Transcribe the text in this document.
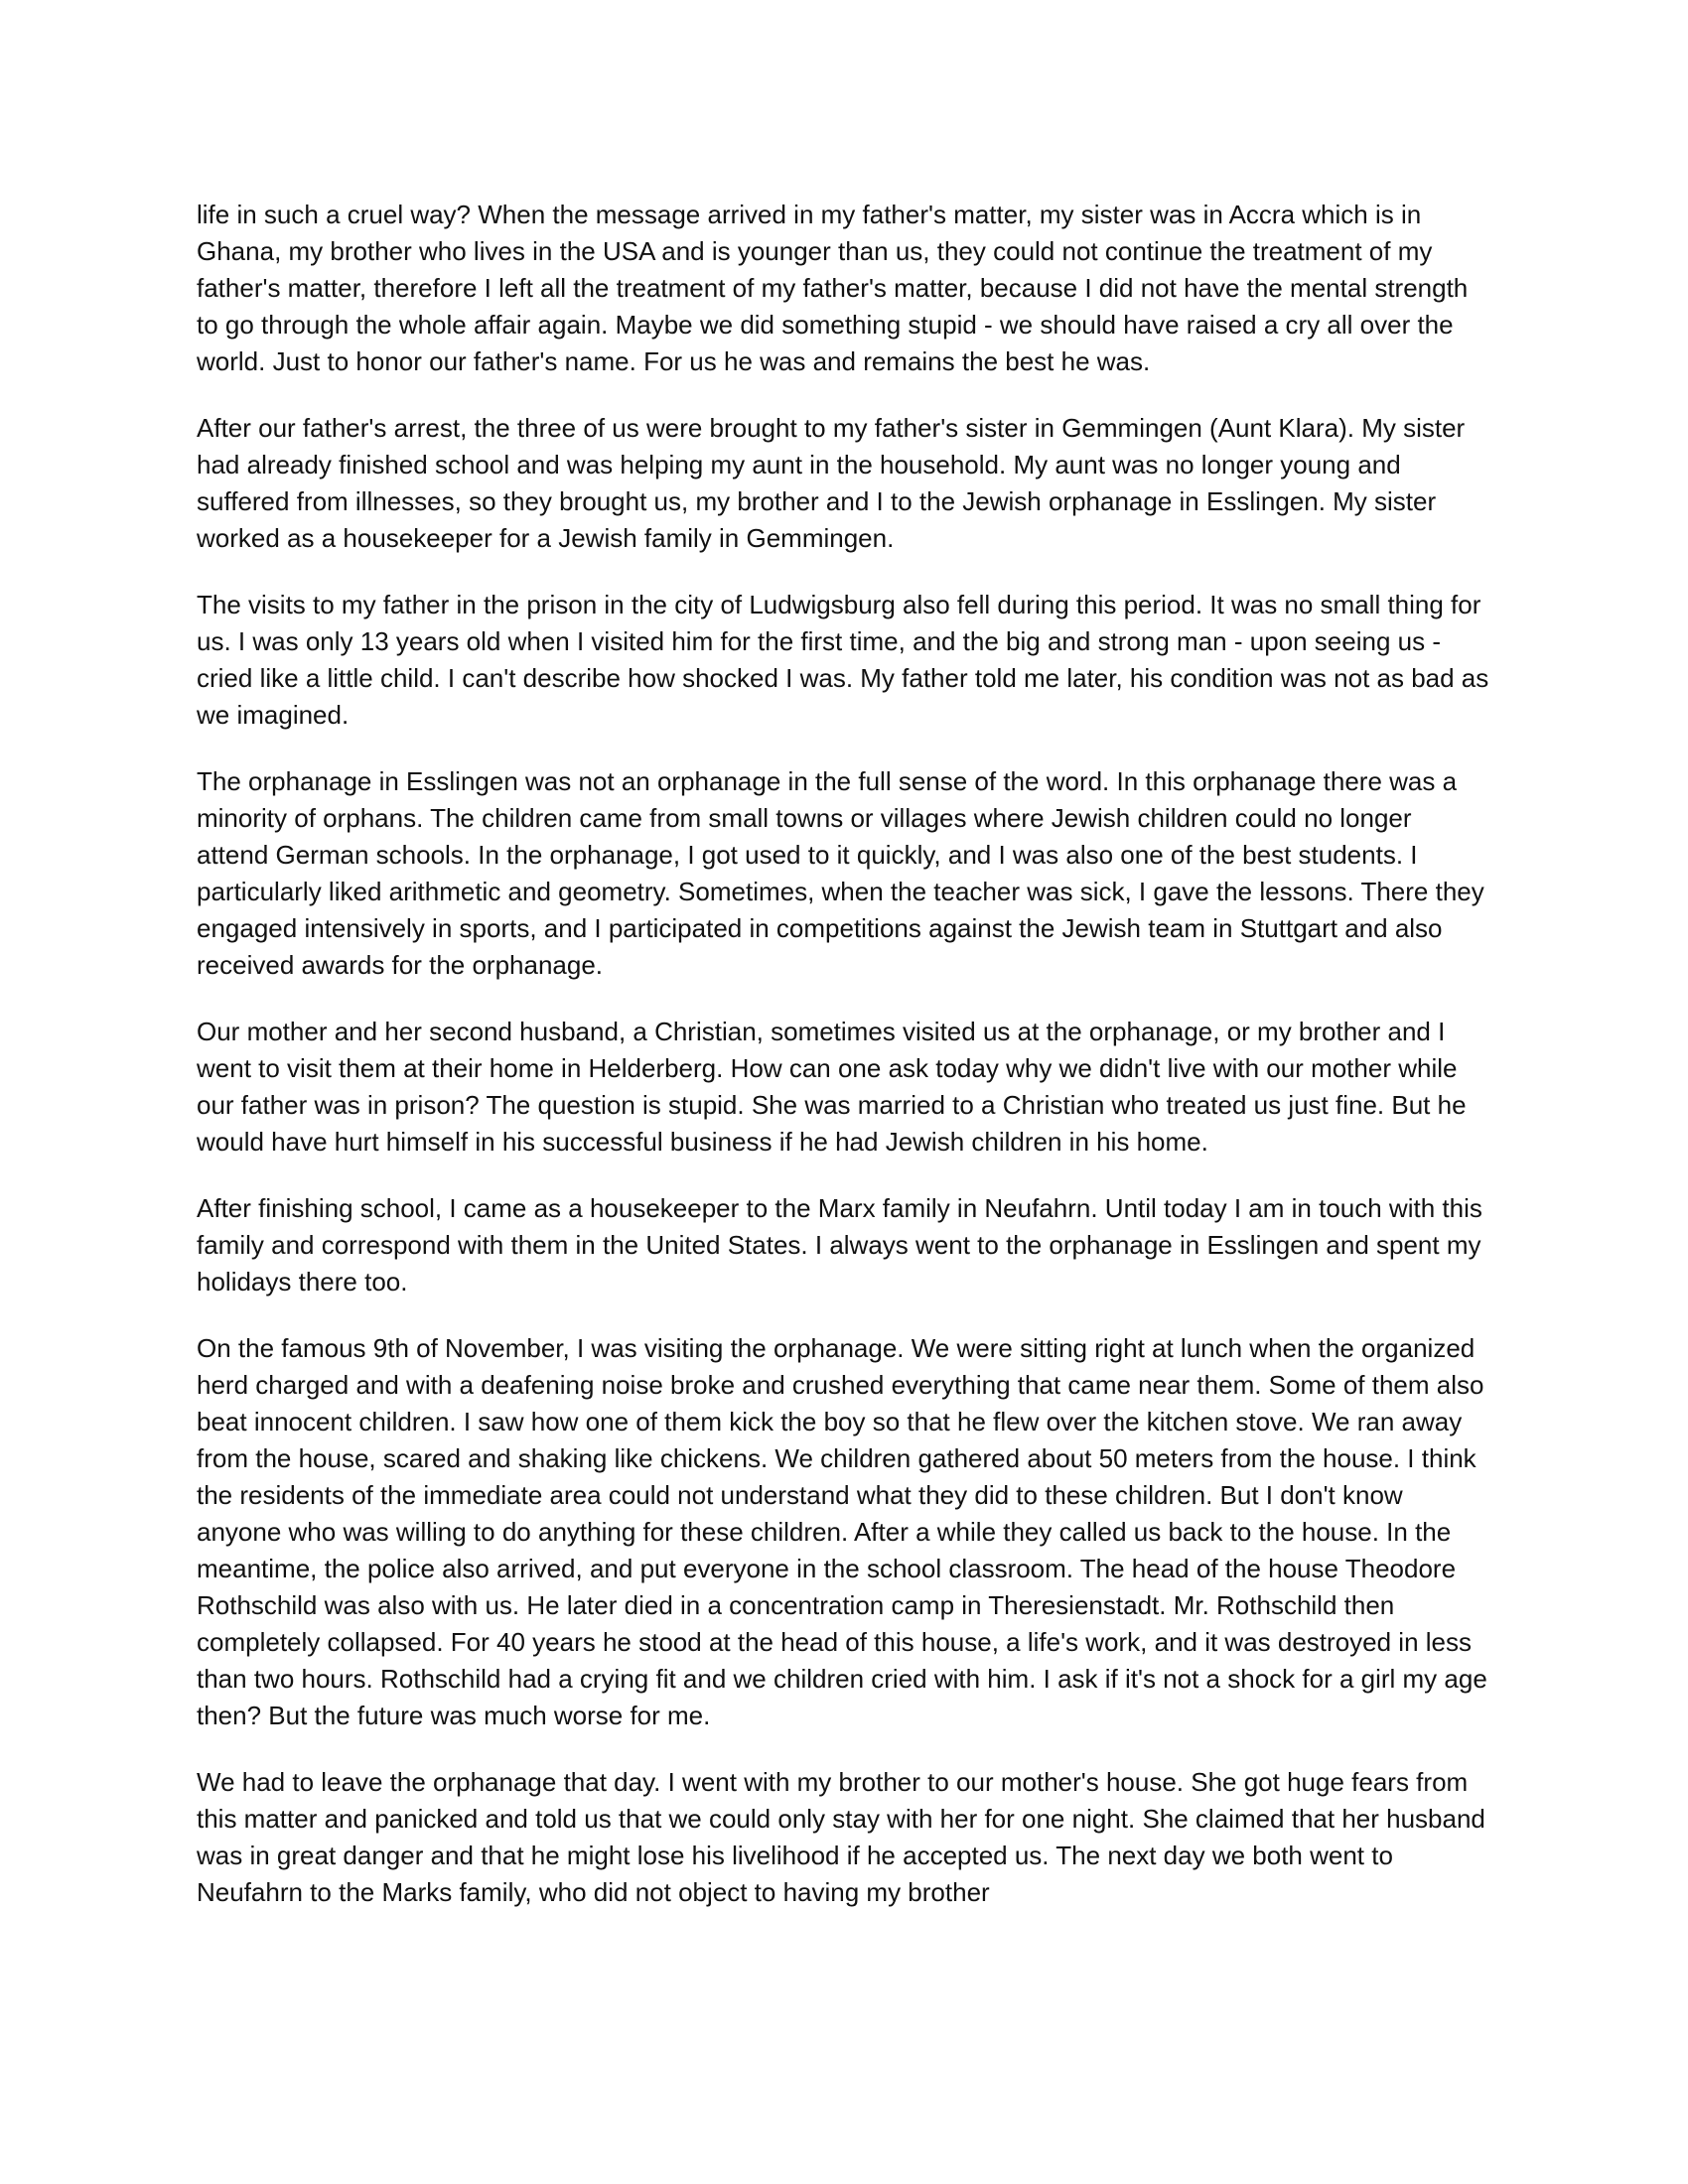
life in such a cruel way? When the message arrived in my father's matter, my sister was in Accra which is in Ghana, my brother who lives in the USA and is younger than us, they could not continue the treatment of my father's matter, therefore I left all the treatment of my father's matter, because I did not have the mental strength to go through the whole affair again. Maybe we did something stupid - we should have raised a cry all over the world. Just to honor our father's name. For us he was and remains the best he was.

After our father's arrest, the three of us were brought to my father's sister in Gemmingen (Aunt Klara). My sister had already finished school and was helping my aunt in the household. My aunt was no longer young and suffered from illnesses, so they brought us, my brother and I to the Jewish orphanage in Esslingen. My sister worked as a housekeeper for a Jewish family in Gemmingen.

The visits to my father in the prison in the city of Ludwigsburg also fell during this period. It was no small thing for us. I was only 13 years old when I visited him for the first time, and the big and strong man - upon seeing us - cried like a little child. I can't describe how shocked I was. My father told me later, his condition was not as bad as we imagined.

The orphanage in Esslingen was not an orphanage in the full sense of the word. In this orphanage there was a minority of orphans. The children came from small towns or villages where Jewish children could no longer attend German schools. In the orphanage, I got used to it quickly, and I was also one of the best students. I particularly liked arithmetic and geometry. Sometimes, when the teacher was sick, I gave the lessons. There they engaged intensively in sports, and I participated in competitions against the Jewish team in Stuttgart and also received awards for the orphanage.

Our mother and her second husband, a Christian, sometimes visited us at the orphanage, or my brother and I went to visit them at their home in Helderberg. How can one ask today why we didn't live with our mother while our father was in prison? The question is stupid. She was married to a Christian who treated us just fine. But he would have hurt himself in his successful business if he had Jewish children in his home.

After finishing school, I came as a housekeeper to the Marx family in Neufahrn. Until today I am in touch with this family and correspond with them in the United States. I always went to the orphanage in Esslingen and spent my holidays there too.

On the famous 9th of November, I was visiting the orphanage. We were sitting right at lunch when the organized herd charged and with a deafening noise broke and crushed everything that came near them. Some of them also beat innocent children. I saw how one of them kick the boy so that he flew over the kitchen stove. We ran away from the house, scared and shaking like chickens. We children gathered about 50 meters from the house. I think the residents of the immediate area could not understand what they did to these children. But I don't know anyone who was willing to do anything for these children. After a while they called us back to the house. In the meantime, the police also arrived, and put everyone in the school classroom. The head of the house Theodore Rothschild was also with us. He later died in a concentration camp in Theresienstadt. Mr. Rothschild then completely collapsed. For 40 years he stood at the head of this house, a life's work, and it was destroyed in less than two hours. Rothschild had a crying fit and we children cried with him. I ask if it's not a shock for a girl my age then? But the future was much worse for me.

We had to leave the orphanage that day. I went with my brother to our mother's house. She got huge fears from this matter and panicked and told us that we could only stay with her for one night. She claimed that her husband was in great danger and that he might lose his livelihood if he accepted us. The next day we both went to Neufahrn to the Marks family, who did not object to having my brother
